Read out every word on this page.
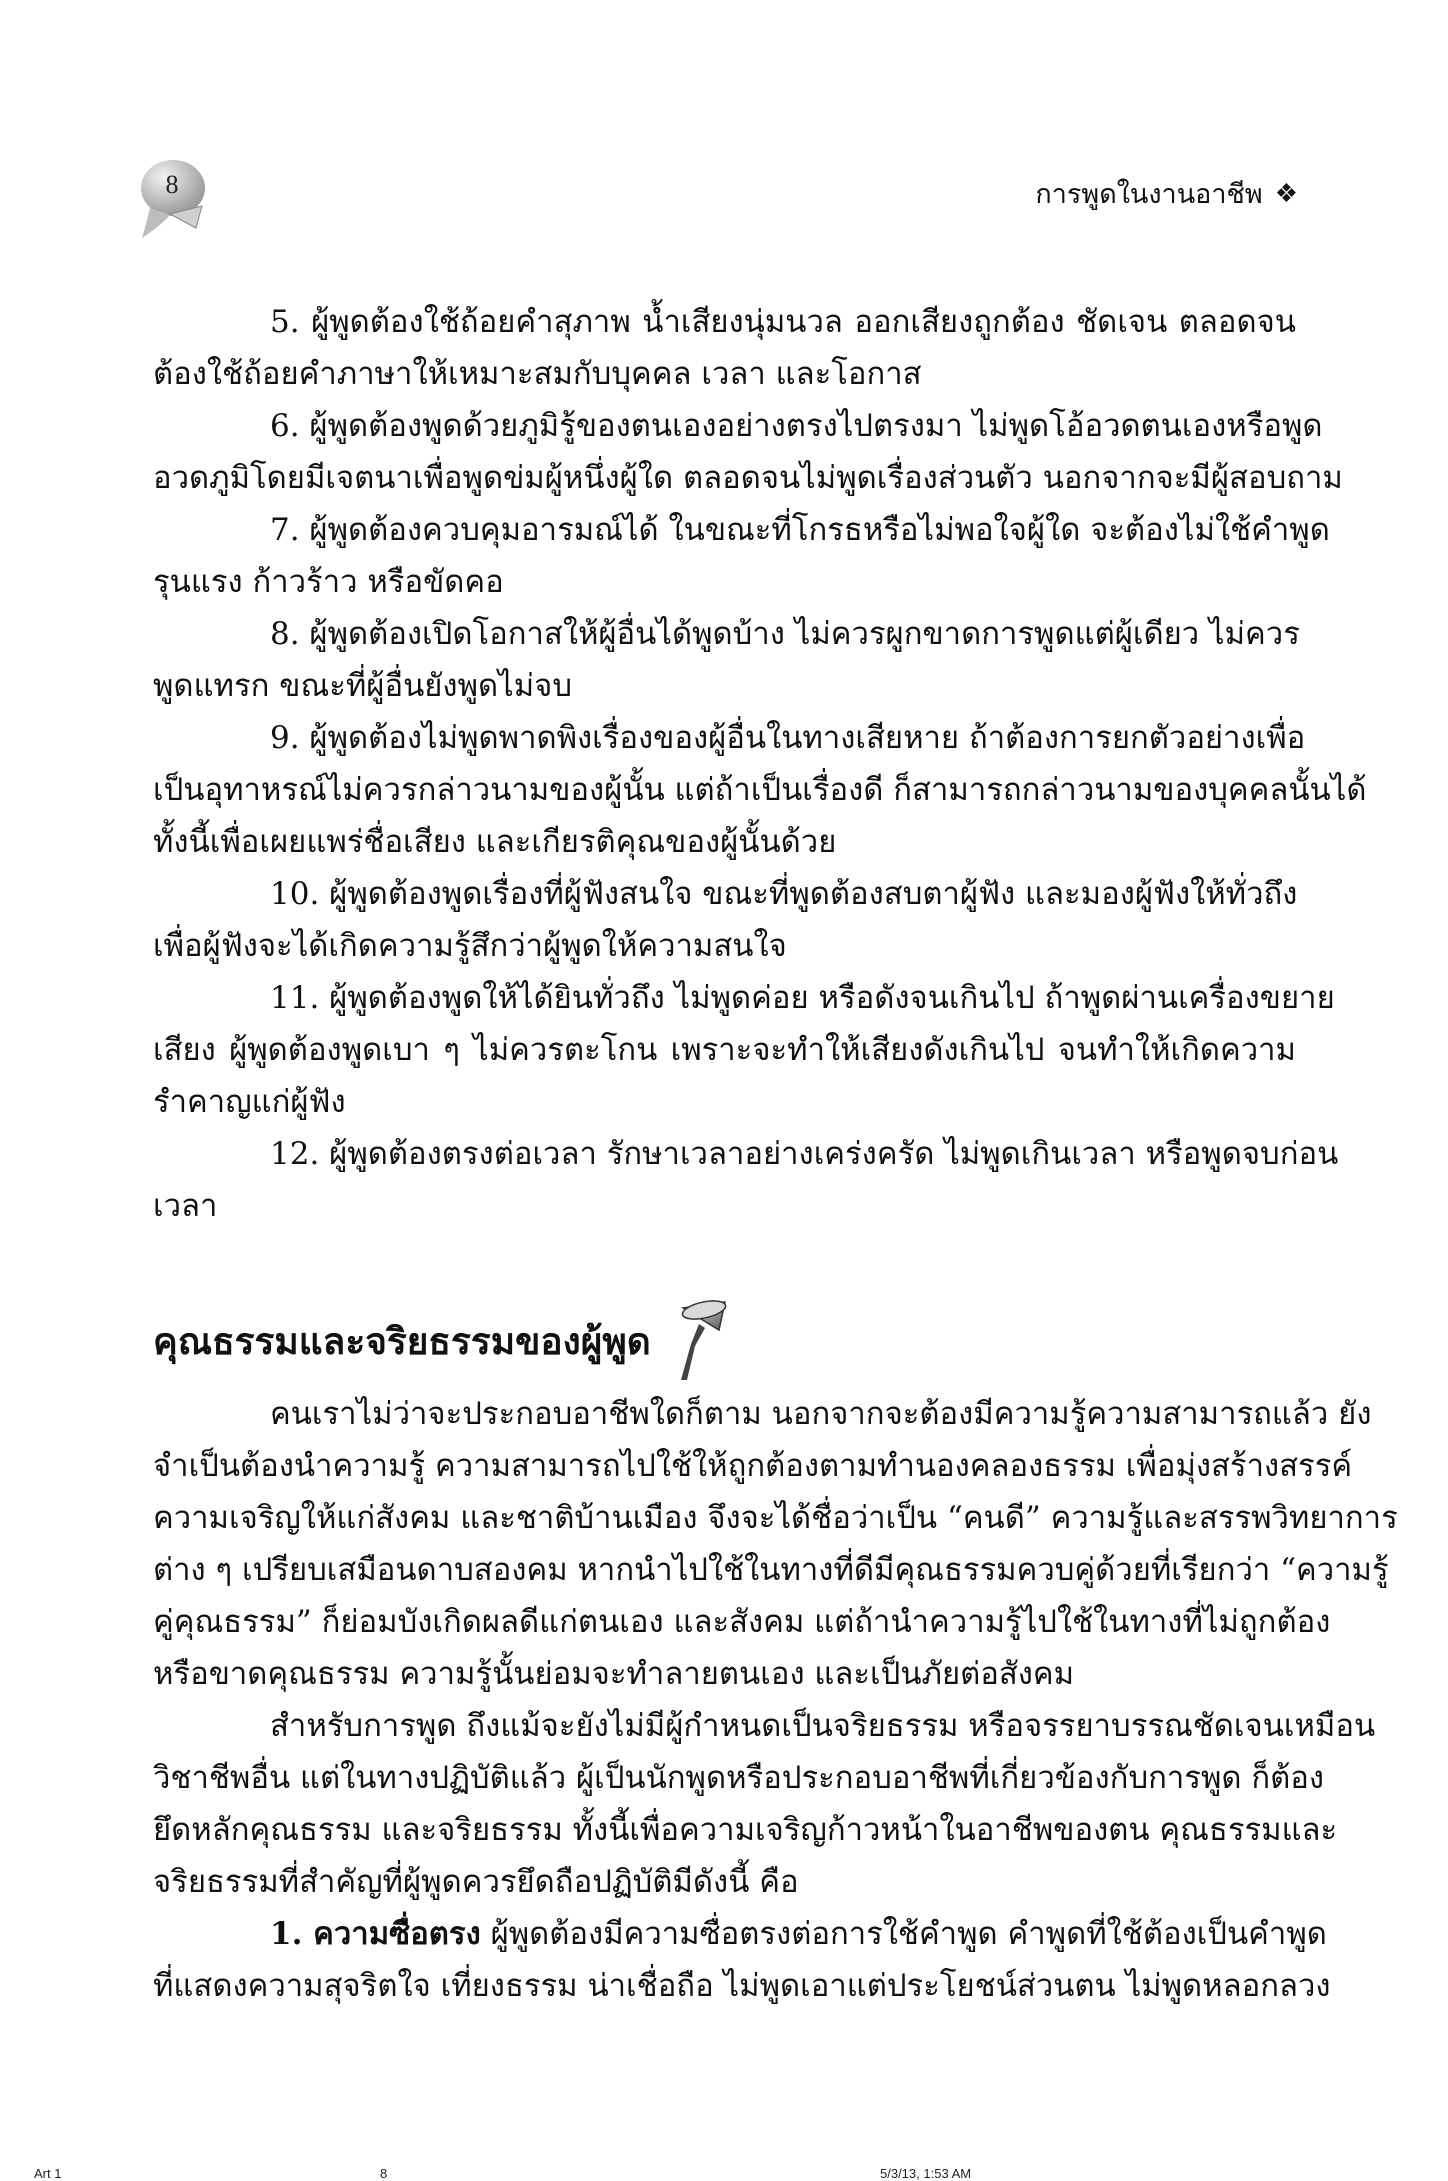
8	การพูดในงานอาชีพ ❖
5. ผู้พูดต้องใช้ถ้อยคำสุภาพ น้ำเสียงนุ่มนวล ออกเสียงถูกต้อง ชัดเจน ตลอดจน
ต้องใช้ถ้อยคำภาษาให้เหมาะสมกับบุคคล เวลา และโอกาส
6. ผู้พูดต้องพูดด้วยภูมิรู้ของตนเองอย่างตรงไปตรงมา ไม่พูดโอ้อวดตนเองหรือพูด
อวดภูมิโดยมีเจตนาเพื่อพูดข่มผู้หนึ่งผู้ใด ตลอดจนไม่พูดเรื่องส่วนตัว นอกจากจะมีผู้สอบถาม
7. ผู้พูดต้องควบคุมอารมณ์ได้ ในขณะที่โกรธหรือไม่พอใจผู้ใด จะต้องไม่ใช้คำพูด
รุนแรง ก้าวร้าว หรือขัดคอ
8. ผู้พูดต้องเปิดโอกาสให้ผู้อื่นได้พูดบ้าง ไม่ควรผูกขาดการพูดแต่ผู้เดียว ไม่ควร
พูดแทรก ขณะที่ผู้อื่นยังพูดไม่จบ
9. ผู้พูดต้องไม่พูดพาดพิงเรื่องของผู้อื่นในทางเสียหาย ถ้าต้องการยกตัวอย่างเพื่อ
เป็นอุทาหรณ์ไม่ควรกล่าวนามของผู้นั้น แต่ถ้าเป็นเรื่องดี ก็สามารถกล่าวนามของบุคคลนั้นได้
ทั้งนี้เพื่อเผยแพร่ชื่อเสียง และเกียรติคุณของผู้นั้นด้วย
10. ผู้พูดต้องพูดเรื่องที่ผู้ฟังสนใจ ขณะที่พูดต้องสบตาผู้ฟัง และมองผู้ฟังให้ทั่วถึง
เพื่อผู้ฟังจะได้เกิดความรู้สึกว่าผู้พูดให้ความสนใจ
11. ผู้พูดต้องพูดให้ได้ยินทั่วถึง ไม่พูดค่อย หรือดังจนเกินไป ถ้าพูดผ่านเครื่องขยาย
เสียง ผู้พูดต้องพูดเบา ๆ ไม่ควรตะโกน เพราะจะทำให้เสียงดังเกินไป จนทำให้เกิดความ
รำคาญแก่ผู้ฟัง
12. ผู้พูดต้องตรงต่อเวลา รักษาเวลาอย่างเคร่งครัด ไม่พูดเกินเวลา หรือพูดจบก่อน
เวลา
คุณธรรมและจริยธรรมของผู้พูด
คนเราไม่ว่าจะประกอบอาชีพใดก็ตาม นอกจากจะต้องมีความรู้ความสามารถแล้ว ยัง
จำเป็นต้องนำความรู้ ความสามารถไปใช้ให้ถูกต้องตามทำนองคลองธรรม เพื่อมุ่งสร้างสรรค์
ความเจริญให้แก่สังคม และชาติบ้านเมือง จึงจะได้ชื่อว่าเป็น “คนดี” ความรู้และสรรพวิทยาการ
ต่าง ๆ เปรียบเสมือนดาบสองคม หากนำไปใช้ในทางที่ดีมีคุณธรรมควบคู่ด้วยที่เรียกว่า “ความรู้
คู่คุณธรรม” ก็ย่อมบังเกิดผลดีแก่ตนเอง และสังคม แต่ถ้านำความรู้ไปใช้ในทางที่ไม่ถูกต้อง
หรือขาดคุณธรรม ความรู้นั้นย่อมจะทำลายตนเอง และเป็นภัยต่อสังคม
สำหรับการพูด ถึงแม้จะยังไม่มีผู้กำหนดเป็นจริยธรรม หรือจรรยาบรรณชัดเจนเหมือน
วิชาชีพอื่น แต่ในทางปฏิบัติแล้ว ผู้เป็นนักพูดหรือประกอบอาชีพที่เกี่ยวข้องกับการพูด ก็ต้อง
ยึดหลักคุณธรรม และจริยธรรม ทั้งนี้เพื่อความเจริญก้าวหน้าในอาชีพของตน คุณธรรมและ
จริยธรรมที่สำคัญที่ผู้พูดควรยึดถือปฏิบัติมีดังนี้ คือ
1. ความซื่อตรง ผู้พูดต้องมีความซื่อตรงต่อการใช้คำพูด คำพูดที่ใช้ต้องเป็นคำพูด
ที่แสดงความสุจริตใจ เที่ยงธรรม น่าเชื่อถือ ไม่พูดเอาแต่ประโยชน์ส่วนตน ไม่พูดหลอกลวง
Art 1	8	5/3/13, 1:53 AM
